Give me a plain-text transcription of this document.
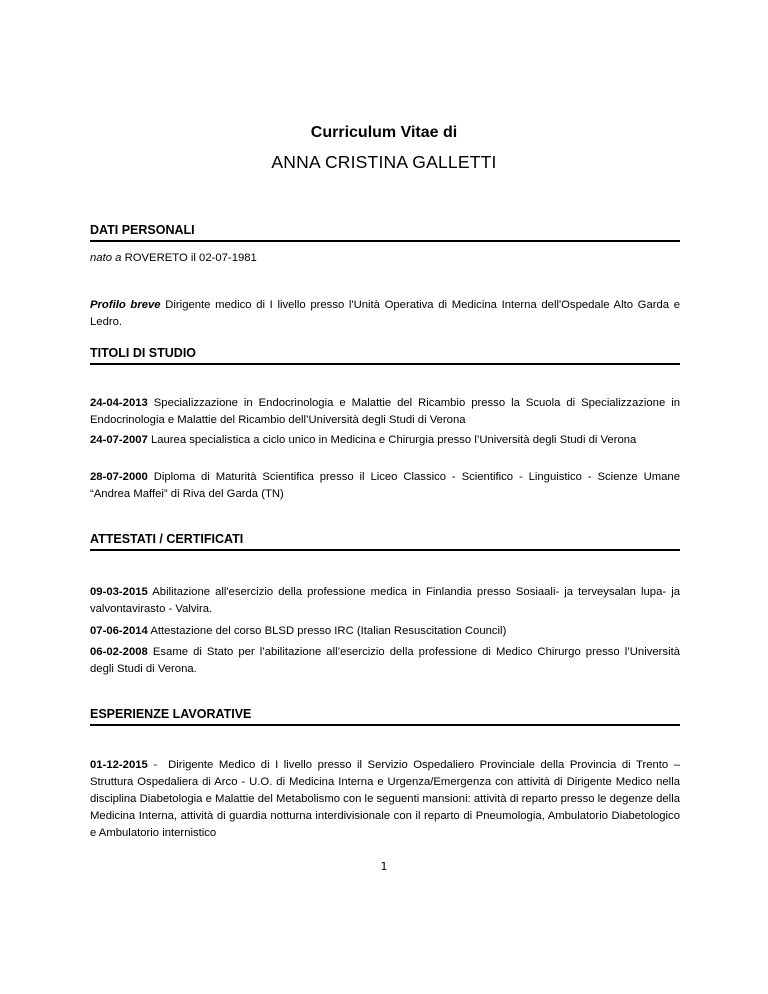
Curriculum Vitae di
ANNA CRISTINA GALLETTI
DATI PERSONALI
nato a ROVERETO il 02-07-1981
Profilo breve Dirigente medico di I livello presso l'Unità Operativa di Medicina Interna dell'Ospedale Alto Garda e Ledro.
TITOLI DI STUDIO
24-04-2013 Specializzazione in Endocrinologia e Malattie del Ricambio presso la Scuola di Specializzazione in Endocrinologia e Malattie del Ricambio dell’Università degli Studi di Verona
24-07-2007 Laurea specialistica a ciclo unico in Medicina e Chirurgia presso l’Università degli Studi di Verona
28-07-2000 Diploma di Maturità Scientifica presso il Liceo Classico - Scientifico - Linguistico - Scienze Umane “Andrea Maffei” di Riva del Garda (TN)
ATTESTATI / CERTIFICATI
09-03-2015 Abilitazione all'esercizio della professione medica in Finlandia presso Sosiaali- ja terveysalan lupa- ja valvontavirasto - Valvira.
07-06-2014 Attestazione del corso BLSD presso IRC (Italian Resuscitation Council)
06-02-2008 Esame di Stato per l’abilitazione all’esercizio della professione di Medico Chirurgo presso l’Università degli Studi di Verona.
ESPERIENZE LAVORATIVE
01-12-2015 -  Dirigente Medico di I livello presso il Servizio Ospedaliero Provinciale della Provincia di Trento – Struttura Ospedaliera di Arco - U.O. di Medicina Interna e Urgenza/Emergenza con attività di Dirigente Medico nella disciplina Diabetologia e Malattie del Metabolismo con le seguenti mansioni: attività di reparto presso le degenze della Medicina Interna, attività di guardia notturna interdivisionale con il reparto di Pneumologia, Ambulatorio Diabetologico e Ambulatorio internistico
1
